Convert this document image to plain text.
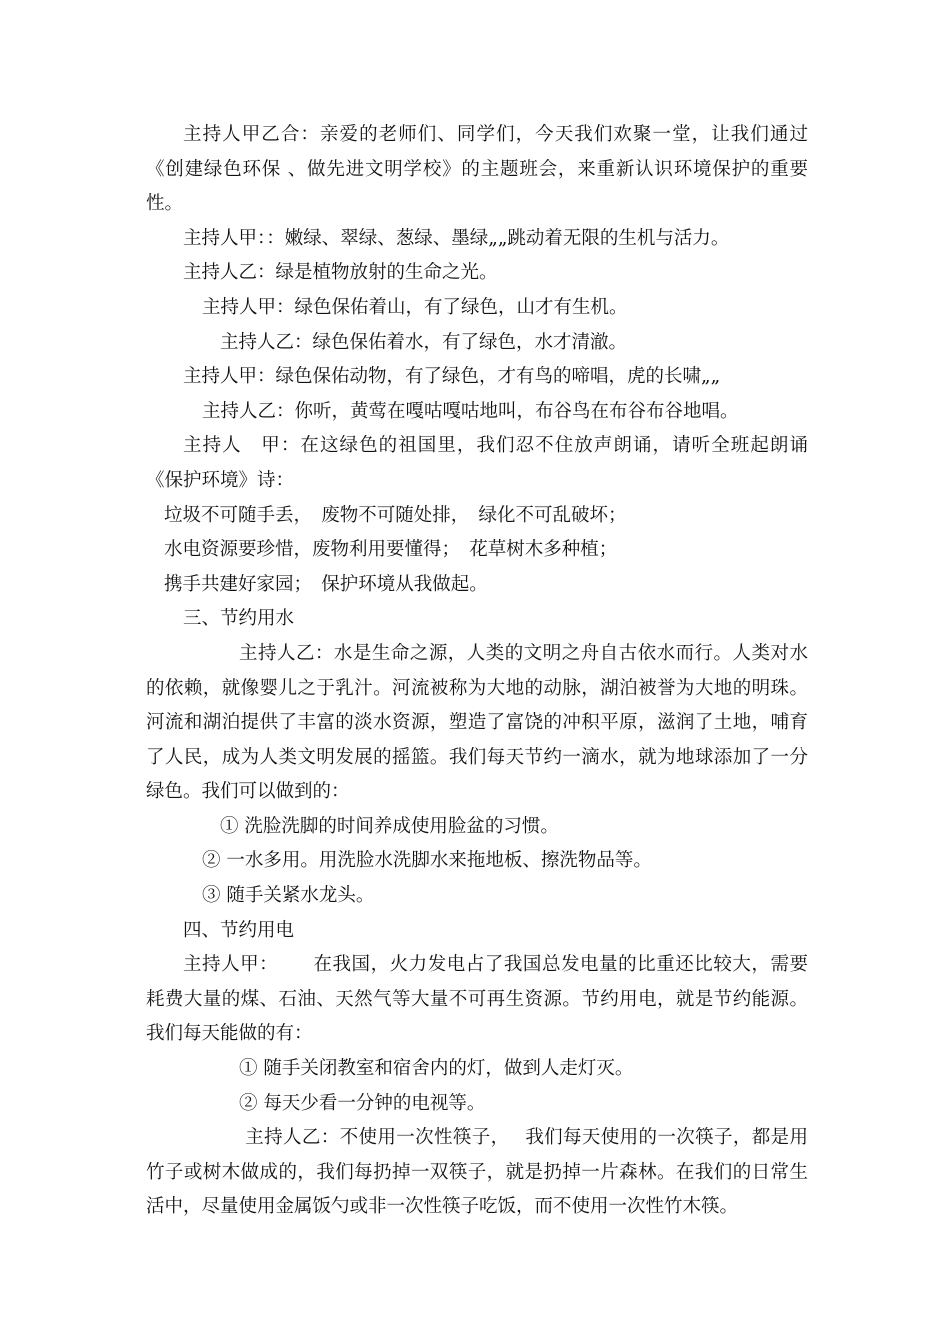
主持人甲乙合：亲爱的老师们、同学们，今天我们欢聚一堂，让我们通过《创建绿色环保 、做先进文明学校》的主题班会，来重新认识环境保护的重要性。

主持人甲：：嫩绿、翠绿、葱绿、墨绿„„跳动着无限的生机与活力。

主持人乙：绿是植物放射的生命之光。

主持人甲：绿色保佑着山，有了绿色，山才有生机。

主持人乙：绿色保佑着水，有了绿色，水才清澈。

主持人甲：绿色保佑动物，有了绿色，才有鸟的啼唱，虎的长啸„„

主持人乙：你听，黄莺在嘎咕嘎咕地叫，布谷鸟在布谷布谷地唱。

主持人　甲：在这绿色的祖国里，我们忍不住放声朗诵，请听全班起朗诵《保护环境》诗：

垃圾不可随手丢，　废物不可随处排，　绿化不可乱破坏；

水电资源要珍惜，废物利用要懂得；　花草树木多种植；

携手共建好家园；　保护环境从我做起。

三、节约用水

主持人乙：水是生命之源，人类的文明之舟自古依水而行。人类对水的依赖，就像婴儿之于乳汁。河流被称为大地的动脉，湖泊被誉为大地的明珠。河流和湖泊提供了丰富的淡水资源，塑造了富饶的冲积平原，滋润了土地，哺育了人民，成为人类文明发展的摇篮。我们每天节约一滴水，就为地球添加了一分绿色。我们可以做到的：

① 洗脸洗脚的时间养成使用脸盆的习惯。

② 一水多用。用洗脸水洗脚水来拖地板、擦洗物品等。

③ 随手关紧水龙头。

四、节约用电

主持人甲：　　 在我国，火力发电占了我国总发电量的比重还比较大，需要耗费大量的煤、石油、天然气等大量不可再生资源。节约用电，就是节约能源。我们每天能做的有：

① 随手关闭教室和宿舍内的灯，做到人走灯灭。

② 每天少看一分钟的电视等。

主持人乙：不使用一次性筷子，　 我们每天使用的一次筷子，都是用竹子或树木做成的，我们每扔掉一双筷子，就是扔掉一片森林。在我们的日常生活中，尽量使用金属饭勺或非一次性筷子吃饭，而不使用一次性竹木筷。
